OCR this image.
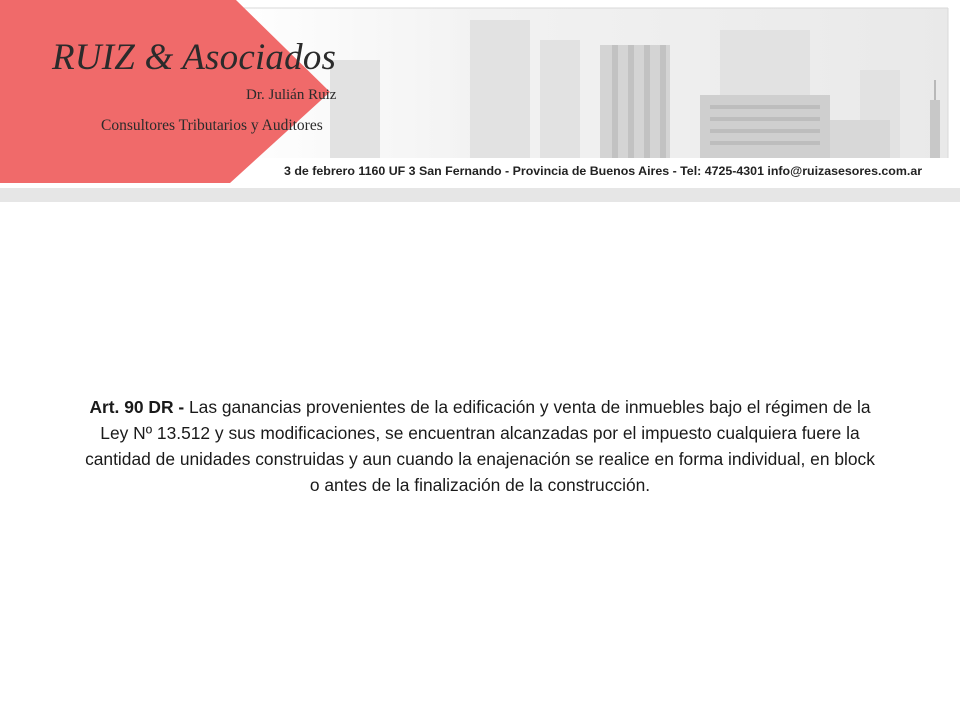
RUIZ & Asociados
Dr. Julián Ruiz
Consultores Tributarios y Auditores
3 de febrero 1160 UF 3 San Fernando - Provincia de Buenos Aires - Tel: 4725-4301 info@ruizasesores.com.ar

Art. 90 DR - Las ganancias provenientes de la edificación y venta de inmuebles bajo el régimen de la Ley Nº 13.512 y sus modificaciones, se encuentran alcanzadas por el impuesto cualquiera fuere la cantidad de unidades construidas y aun cuando la enajenación se realice en forma individual, en block o antes de la finalización de la construcción.
